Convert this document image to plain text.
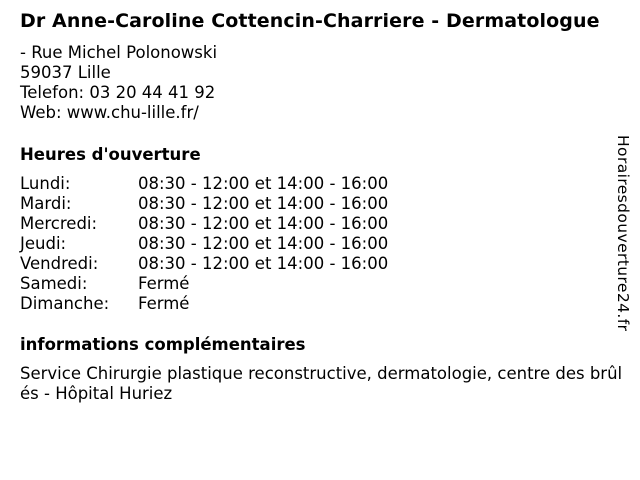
Dr Anne-Caroline Cottencin-Charriere - Dermatologue
- Rue Michel Polonowski
59037 Lille
Telefon: 03 20 44 41 92
Web: www.chu-lille.fr/
Heures d'ouverture
Lundi:	08:30 - 12:00 et 14:00 - 16:00
Mardi:	08:30 - 12:00 et 14:00 - 16:00
Mercredi: 08:30 - 12:00 et 14:00 - 16:00
Jeudi:	08:30 - 12:00 et 14:00 - 16:00
Vendredi: 08:30 - 12:00 et 14:00 - 16:00
Samedi:	Fermé
Dimanche: Fermé
informations complémentaires
Service Chirurgie plastique reconstructive, dermatologie, centre des brûlés - Hôpital Huriez
Horairesdouverture24.fr
